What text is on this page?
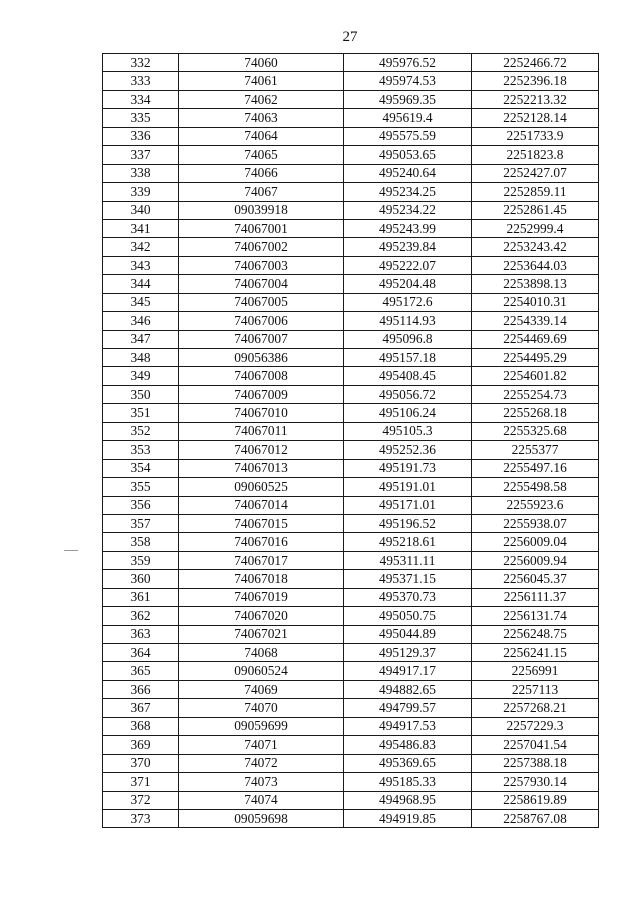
27
332	74060	495976.52	2252466.72
333	74061	495974.53	2252396.18
334	74062	495969.35	2252213.32
335	74063	495619.4	2252128.14
336	74064	495575.59	2251733.9
337	74065	495053.65	2251823.8
338	74066	495240.64	2252427.07
339	74067	495234.25	2252859.11
340	09039918	495234.22	2252861.45
341	74067001	495243.99	2252999.4
342	74067002	495239.84	2253243.42
343	74067003	495222.07	2253644.03
344	74067004	495204.48	2253898.13
345	74067005	495172.6	2254010.31
346	74067006	495114.93	2254339.14
347	74067007	495096.8	2254469.69
348	09056386	495157.18	2254495.29
349	74067008	495408.45	2254601.82
350	74067009	495056.72	2255254.73
351	74067010	495106.24	2255268.18
352	74067011	495105.3	2255325.68
353	74067012	495252.36	2255377
354	74067013	495191.73	2255497.16
355	09060525	495191.01	2255498.58
356	74067014	495171.01	2255923.6
357	74067015	495196.52	2255938.07
358	74067016	495218.61	2256009.04
359	74067017	495311.11	2256009.94
360	74067018	495371.15	2256045.37
361	74067019	495370.73	2256111.37
362	74067020	495050.75	2256131.74
363	74067021	495044.89	2256248.75
364	74068	495129.37	2256241.15
365	09060524	494917.17	2256991
366	74069	494882.65	2257113
367	74070	494799.57	2257268.21
368	09059699	494917.53	2257229.3
369	74071	495486.83	2257041.54
370	74072	495369.65	2257388.18
371	74073	495185.33	2257930.14
372	74074	494968.95	2258619.89
373	09059698	494919.85	2258767.08
